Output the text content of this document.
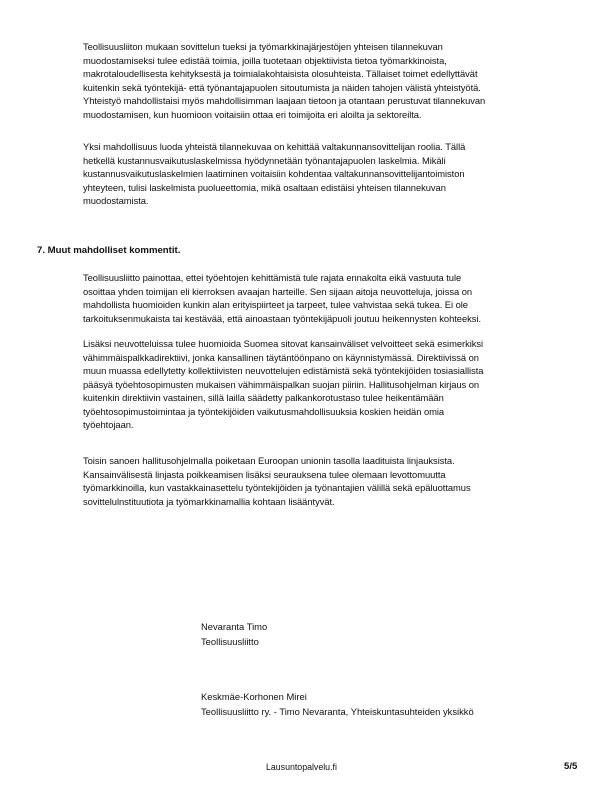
Teollisuusliiton mukaan sovittelun tueksi ja työmarkkinajärjestöjen yhteisen tilannekuvan
muodostamiseksi tulee edistää toimia, joilla tuotetaan objektiivista tietoa työmarkkinoista,
makrotaloudellisesta kehityksestä ja toimialakohtaisista olosuhteista. Tällaiset toimet edellyttävät
kuitenkin sekä työntekijä- että työnantajapuolen sitoutumista ja näiden tahojen välistä yhteistyötä.
Yhteistyö mahdollistaisi myös mahdollisimman laajaan tietoon ja otantaan perustuvat tilannekuvan
muodostamisen, kun huomioon voitaisiin ottaa eri toimijoita eri aloilta ja sektoreilta.
Yksi mahdollisuus luoda yhteistä tilannekuvaa on kehittää valtakunnansovittelijan roolia. Tällä
hetkellä kustannusvaikutuslaskelmissa hyödynnetään työnantajapuolen laskelmia. Mikäli
kustannusvaikutuslaskelmien laatiminen voitaisiin kohdentaa valtakunnansovittelijantoimiston
yhteyteen, tulisi laskelmista puolueettomia, mikä osaltaan edistäisi yhteisen tilannekuvan
muodostamista.
7. Muut mahdolliset kommentit.
Teollisuusliitto painottaa, ettei työehtojen kehittämistä tule rajata ennakolta eikä vastuuta tule
osoittaa yhden toimijan eli kierroksen avaajan harteille. Sen sijaan aitoja neuvotteluja, joissa on
mahdollista huomioiden kunkin alan erityispiirteet ja tarpeet, tulee vahvistaa sekä tukea. Ei ole
tarkoituksenmukaista tai kestävää, että ainoastaan työntekijäpuoli joutuu heikennysten kohteeksi.
Lisäksi neuvotteluissa tulee huomioida Suomea sitovat kansainväliset velvoitteet sekä esimerkiksi
vähimmäispalkkadirektiivi, jonka kansallinen täytäntöönpano on käynnistymässä. Direktiivissä on
muun muassa edellytetty kollektiivisten neuvottelujen edistämistä sekä työntekijöiden tosiasiallista
pääsyä työehtosopimusten mukaisen vähimmäispalkan suojan piiriin. Hallitusohjelman kirjaus on
kuitenkin direktiivin vastainen, sillä laillа säädetty palkankorotustaso tulee heikentämään
työehtosopimustoimintaa ja työntekijöiden vaikutusmahdollisuuksia koskien heidän omia
työehtojaan.
Toisin sanoen hallitusohjelmalla poiketaan Euroopan unionin tasolla laadituista linjauksista.
Kansainvälisestä linjasta poikkeamisen lisäksi seurauksena tulee olemaan levottomuutta
työmarkkinoilla, kun vastakkainasettelu työntekijöiden ja työnantajien välillä sekä epäluottamus
sovittelulnstituutiota ja työmarkkinamallia kohtaan lisääntyvät.
Nevaranta Timo
Teollisuusliitto
Keskmäe-Korhonen Mirei
Teollisuusliitto ry. - Timo Nevaranta, Yhteiskuntasuhteiden yksikkö
Lausuntopalvelu.fi	5/5
